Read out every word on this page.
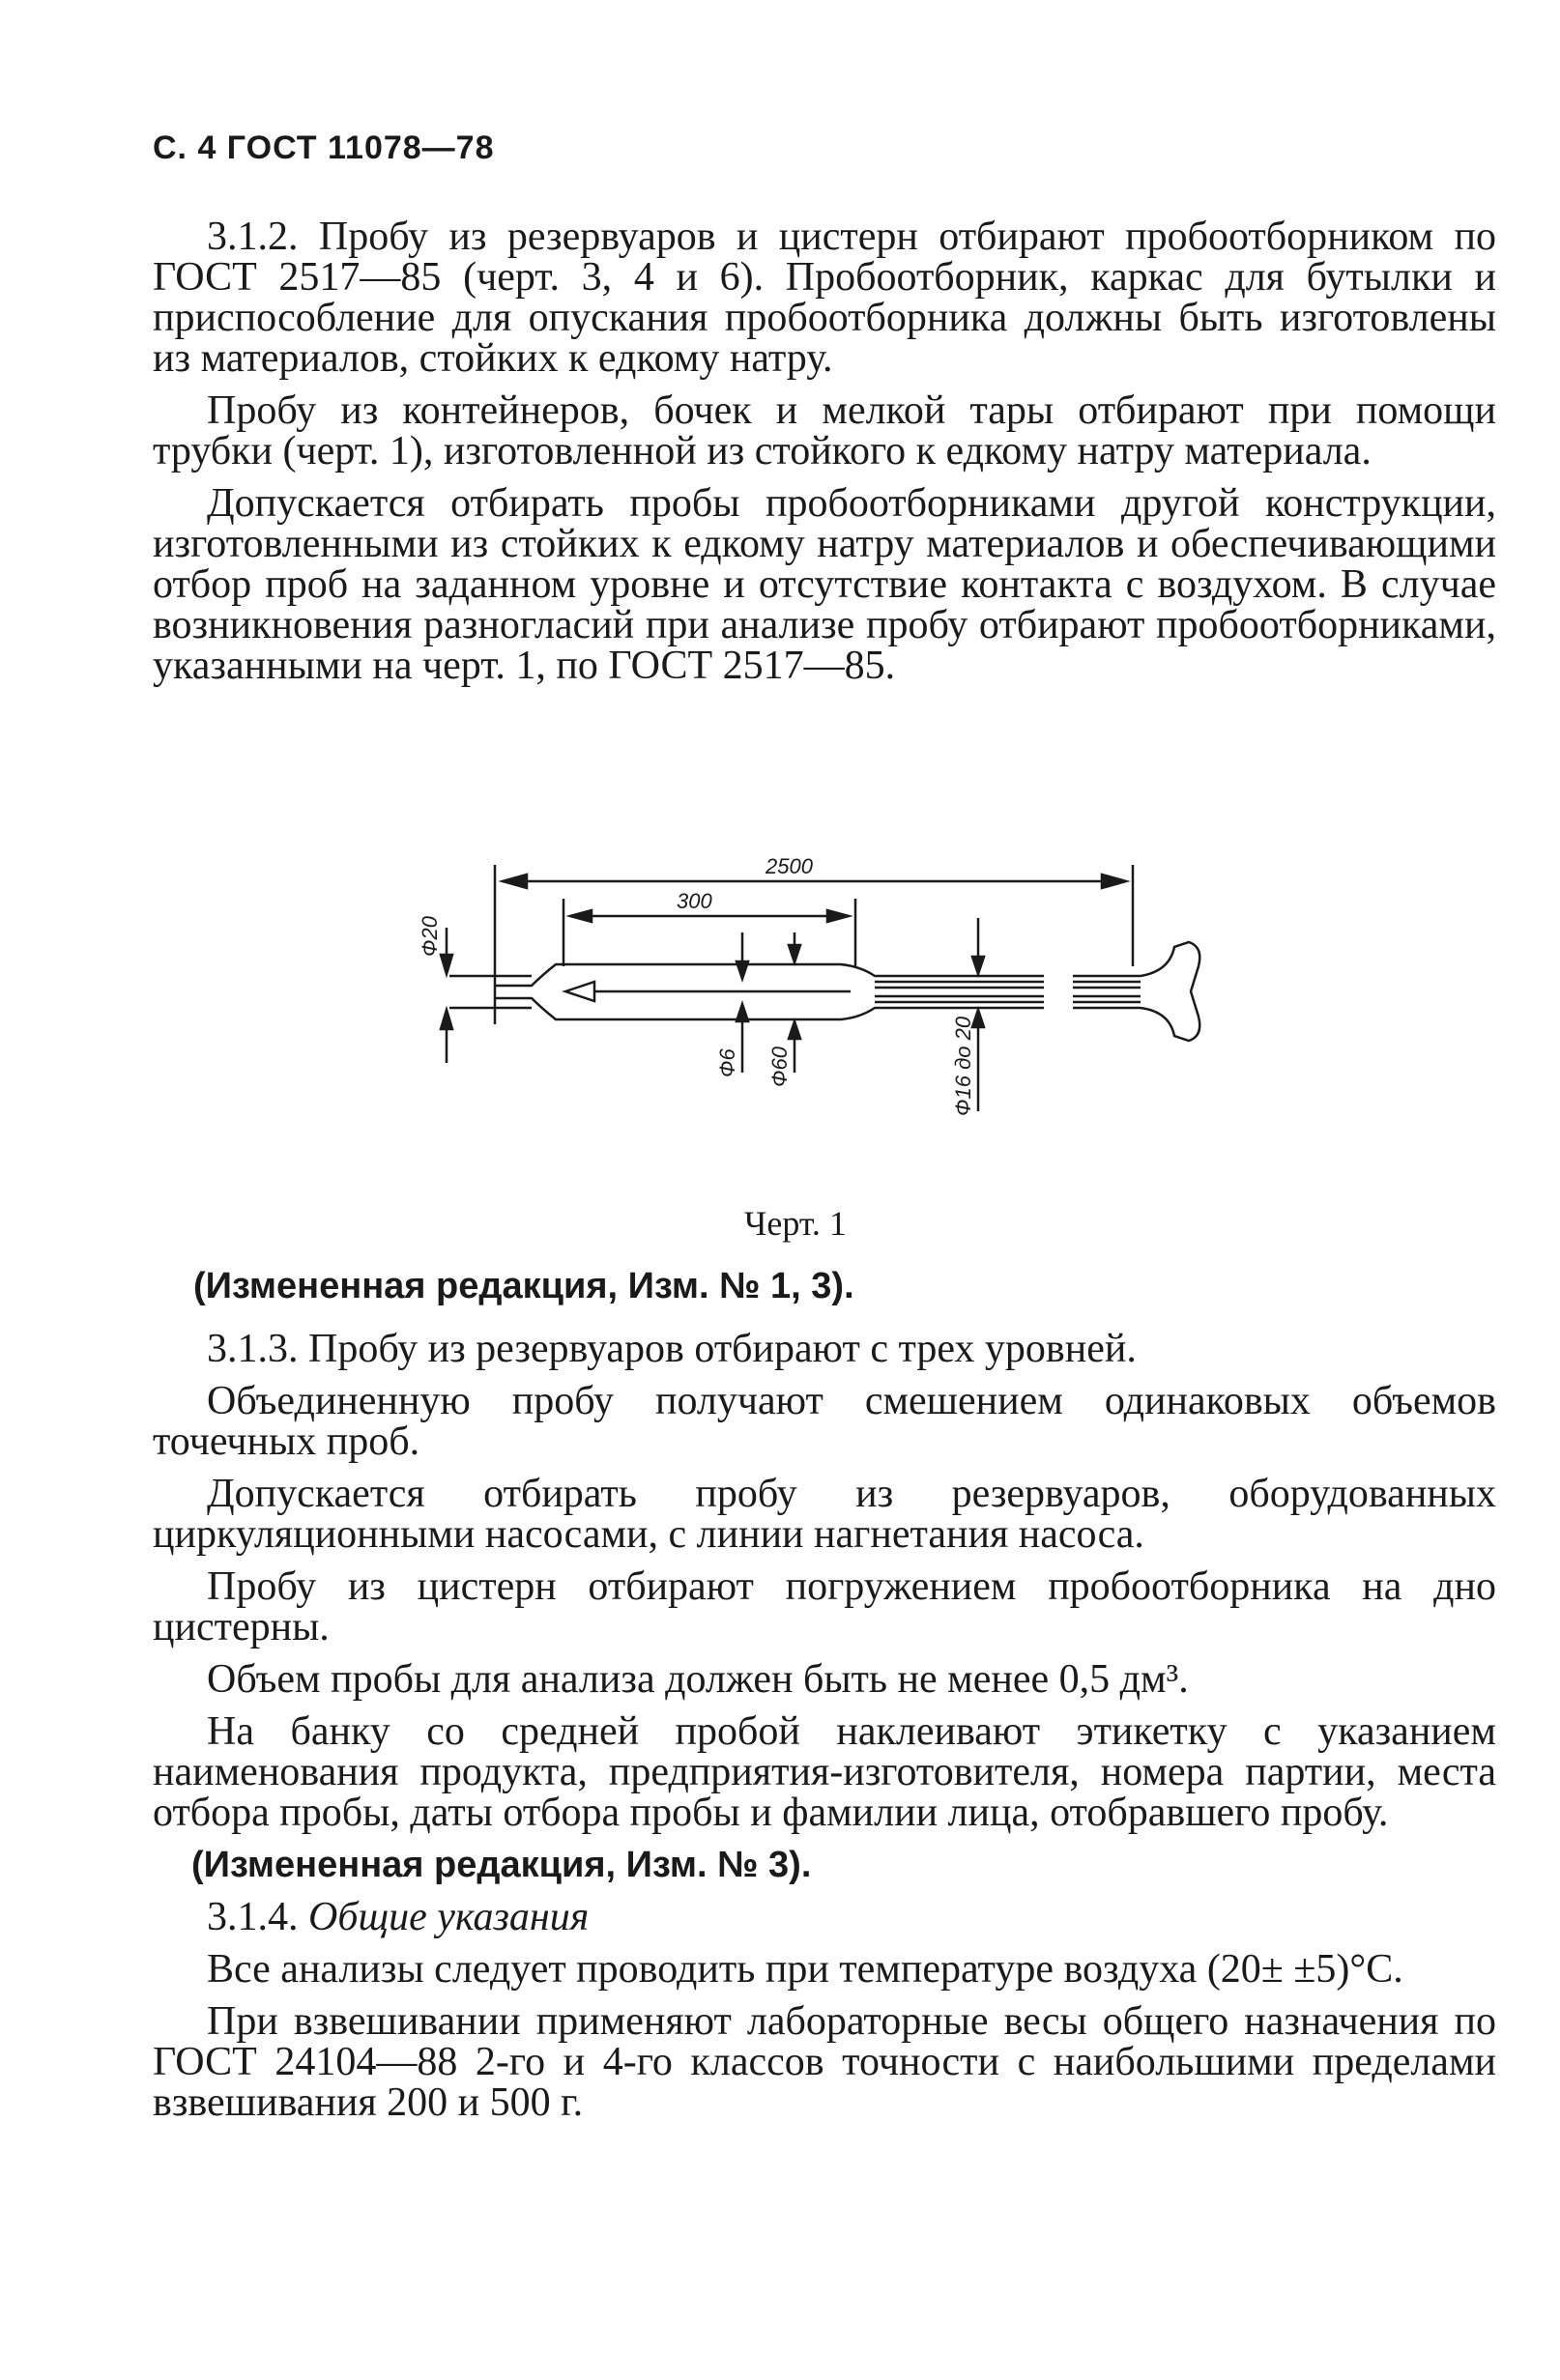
С. 4 ГОСТ 11078—78

3.1.2. Пробу из резервуаров и цистерн отбирают пробоотборником по ГОСТ 2517—85 (черт. 3, 4 и 6). Пробоотборник, каркас для бутылки и приспособление для опускания пробоотборника должны быть изготовлены из материалов, стойких к едкому натру.

Пробу из контейнеров, бочек и мелкой тары отбирают при помощи трубки (черт. 1), изготовленной из стойкого к едкому натру материала.

Допускается отбирать пробы пробоотборниками другой конструкции, изготовленными из стойких к едкому натру материалов и обеспечивающими отбор проб на заданном уровне и отсутствие контакта с воздухом. В случае возникновения разногласий при анализе пробу отбирают пробоотборниками, указанными на черт. 1, по ГОСТ 2517—85.

2500
300
Ф20
Ф6 Ф60	Ф16 до 20
Черт. 1
(Измененная редакция, Изм. № 1, 3).

3.1.3. Пробу из резервуаров отбирают с трех уровней.

Объединенную пробу получают смешением одинаковых объемов точечных проб.

Допускается отбирать пробу из резервуаров, оборудованных циркуляционными насосами, с линии нагнетания насоса.

Пробу из цистерн отбирают погружением пробоотборника на дно цистерны.

Объем пробы для анализа должен быть не менее 0,5 дм³.

На банку со средней пробой наклеивают этикетку с указанием наименования продукта, предприятия-изготовителя, номера партии, места отбора пробы, даты отбора пробы и фамилии лица, отобравшего пробу.

(Измененная редакция, Изм. № 3).

3.1.4. Общие указания

Все анализы следует проводить при температуре воздуха (20± ±5)°С.

При взвешивании применяют лабораторные весы общего назначения по ГОСТ 24104—88 2-го и 4-го классов точности с наибольшими пределами взвешивания 200 и 500 г.
